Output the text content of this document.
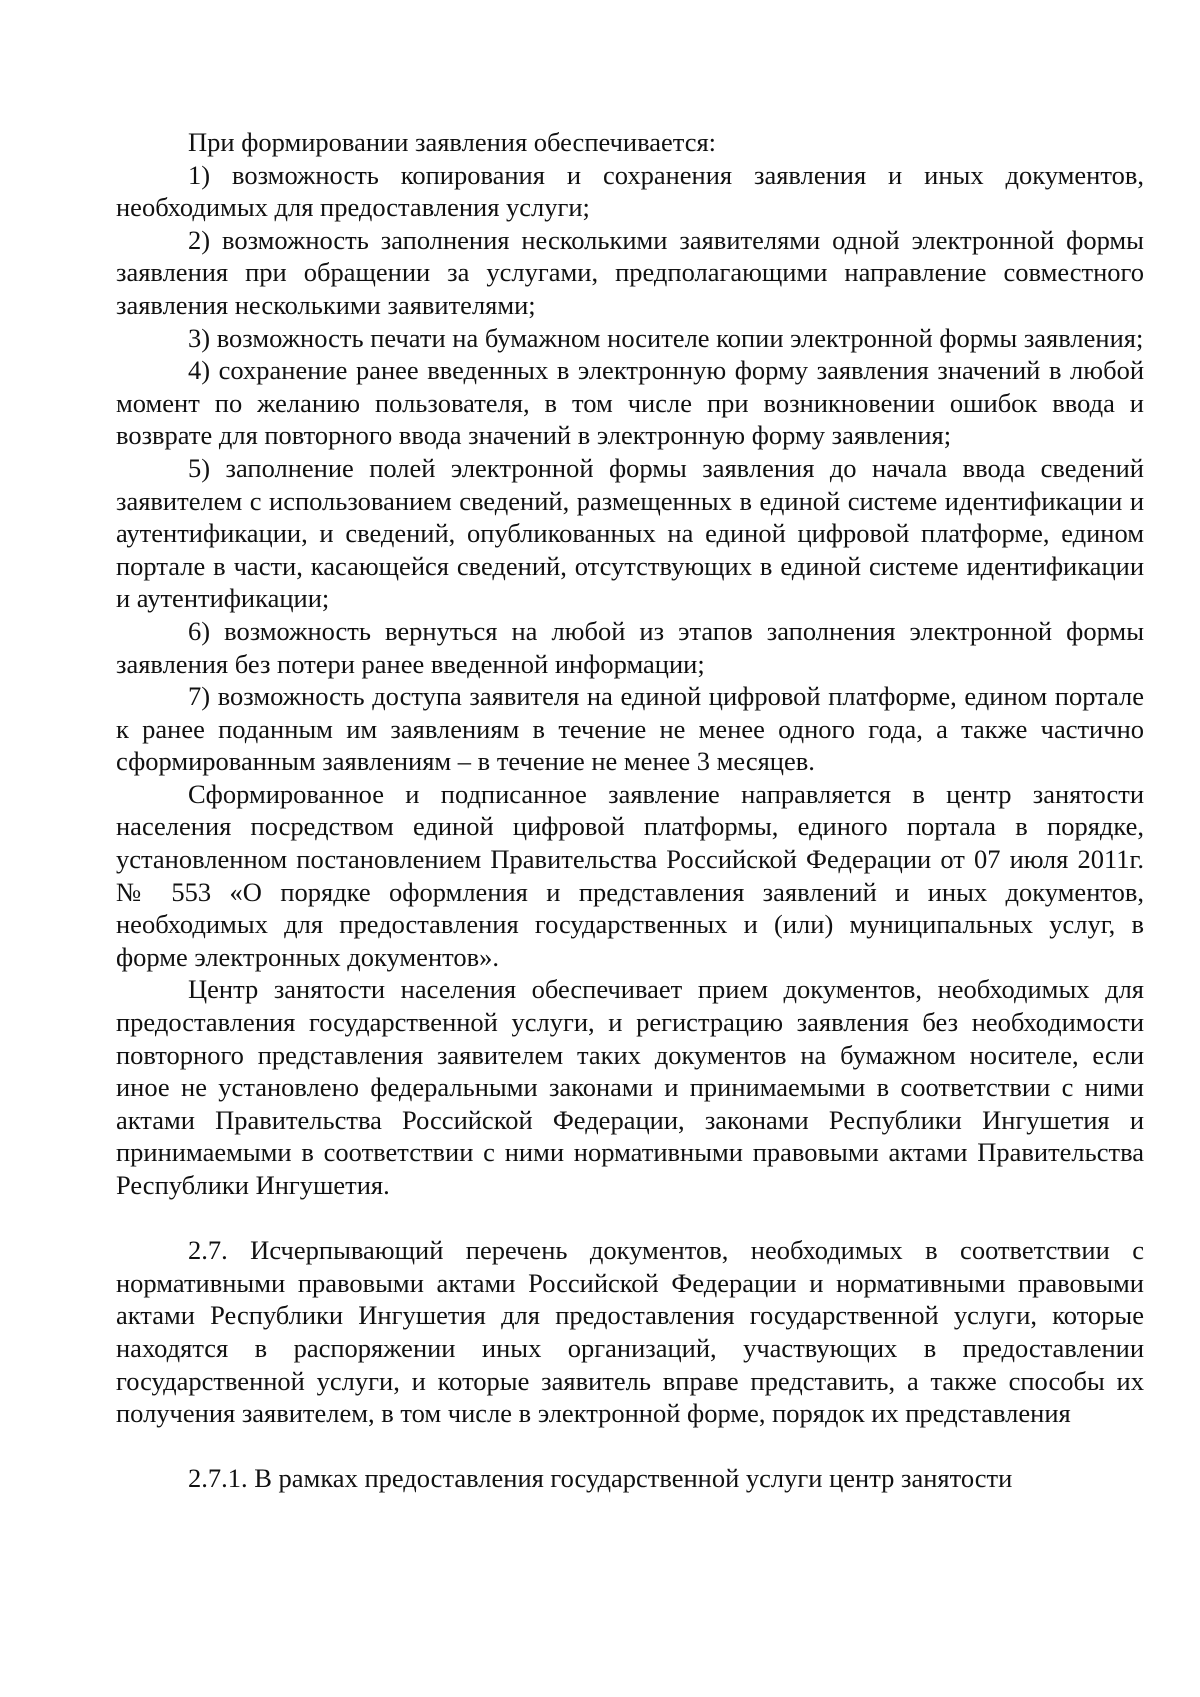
При формировании заявления обеспечивается:

1) возможность копирования и сохранения заявления и иных документов, необходимых для предоставления услуги;

2) возможность заполнения несколькими заявителями одной электронной формы заявления при обращении за услугами, предполагающими направление совместного заявления несколькими заявителями;

3) возможность печати на бумажном носителе копии электронной формы заявления;

4) сохранение ранее введенных в электронную форму заявления значений в любой момент по желанию пользователя, в том числе при возникновении ошибок ввода и возврате для повторного ввода значений в электронную форму заявления;

5) заполнение полей электронной формы заявления до начала ввода сведений заявителем с использованием сведений, размещенных в единой системе идентификации и аутентификации, и сведений, опубликованных на единой цифровой платформе, едином портале в части, касающейся сведений, отсутствующих в единой системе идентификации и аутентификации;

6) возможность вернуться на любой из этапов заполнения электронной формы заявления без потери ранее введенной информации;

7) возможность доступа заявителя на единой цифровой платформе, едином портале к ранее поданным им заявлениям в течение не менее одного года, а также частично сформированным заявлениям – в течение не менее 3 месяцев.

Сформированное и подписанное заявление направляется в центр занятости населения посредством единой цифровой платформы, единого портала в порядке, установленном постановлением Правительства Российской Федерации от 07 июля 2011г. № 553 «О порядке оформления и представления заявлений и иных документов, необходимых для предоставления государственных и (или) муниципальных услуг, в форме электронных документов».

Центр занятости населения обеспечивает прием документов, необходимых для предоставления государственной услуги, и регистрацию заявления без необходимости повторного представления заявителем таких документов на бумажном носителе, если иное не установлено федеральными законами и принимаемыми в соответствии с ними актами Правительства Российской Федерации, законами Республики Ингушетия и принимаемыми в соответствии с ними нормативными правовыми актами Правительства Республики Ингушетия.

2.7. Исчерпывающий перечень документов, необходимых в соответствии с нормативными правовыми актами Российской Федерации и нормативными правовыми актами Республики Ингушетия для предоставления государственной услуги, которые находятся в распоряжении иных организаций, участвующих в предоставлении государственной услуги, и которые заявитель вправе представить, а также способы их получения заявителем, в том числе в электронной форме, порядок их представления

2.7.1. В рамках предоставления государственной услуги центр занятости
